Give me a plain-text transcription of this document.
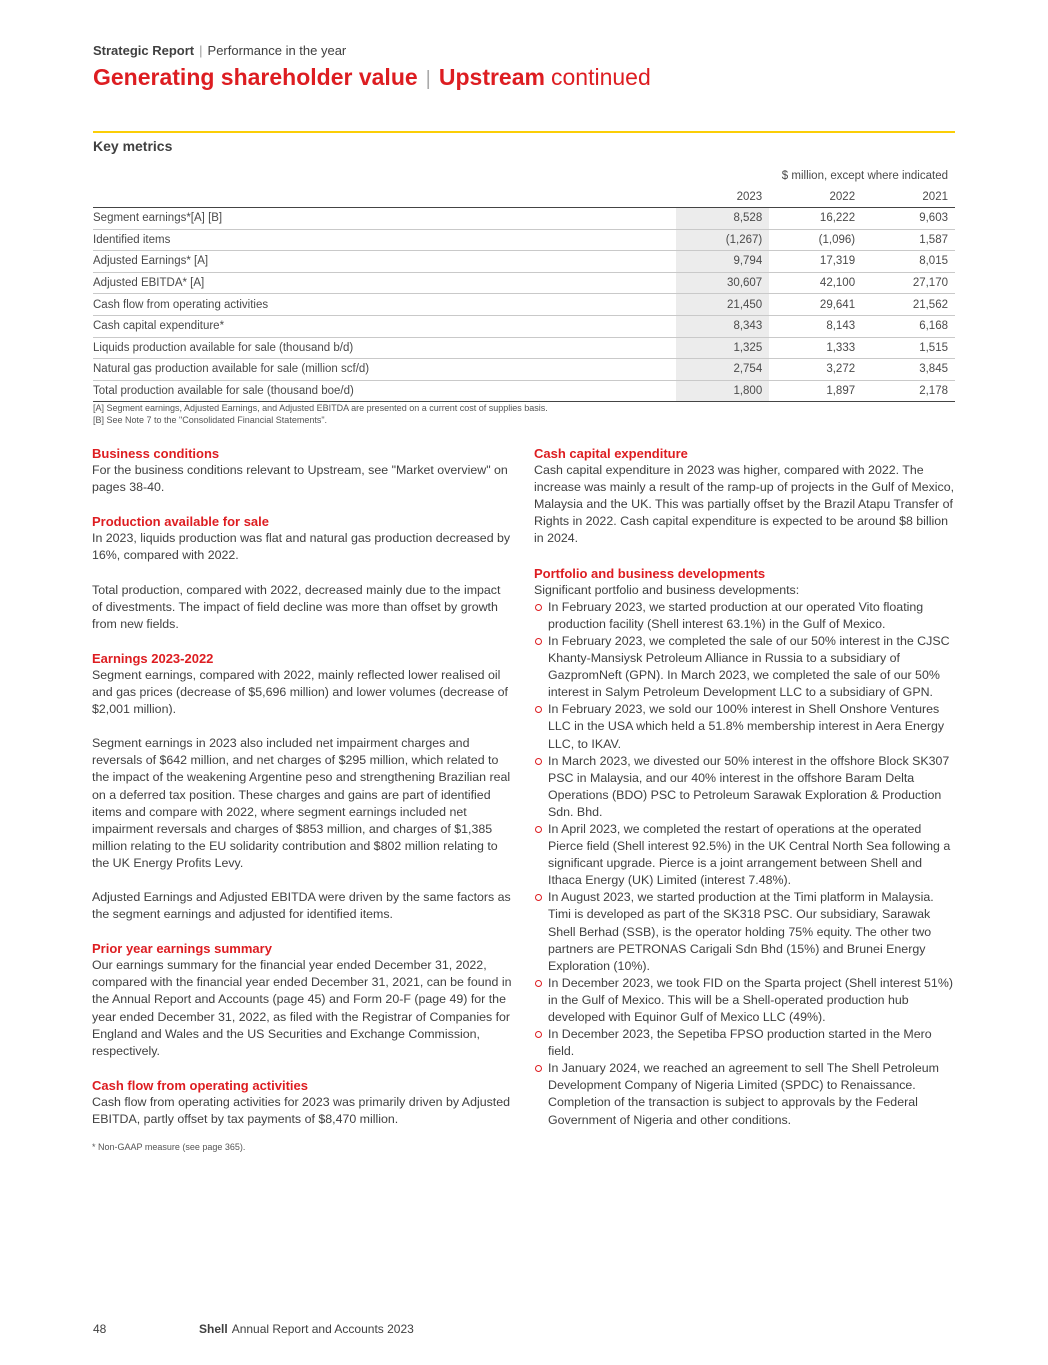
Strategic Report | Performance in the year
Generating shareholder value | Upstream continued
Key metrics
	$ million, except where indicated		
	2023	2022	2021
Segment earnings*[A] [B]	8,528	16,222	9,603
Identified items	(1,267)	(1,096)	1,587
Adjusted Earnings* [A]	9,794	17,319	8,015
Adjusted EBITDA* [A]	30,607	42,100	27,170
Cash flow from operating activities	21,450	29,641	21,562
Cash capital expenditure*	8,343	8,143	6,168
Liquids production available for sale (thousand b/d)	1,325	1,333	1,515
Natural gas production available for sale (million scf/d)	2,754	3,272	3,845
Total production available for sale (thousand boe/d)	1,800	1,897	2,178
[A] Segment earnings, Adjusted Earnings, and Adjusted EBITDA are presented on a current cost of supplies basis.
[B] See Note 7 to the "Consolidated Financial Statements".
Business conditions

For the business conditions relevant to Upstream, see "Market overview" on pages 38-40.

Production available for sale

In 2023, liquids production was flat and natural gas production decreased by 16%, compared with 2022.

Total production, compared with 2022, decreased mainly due to the impact of divestments. The impact of field decline was more than offset by growth from new fields.

Earnings 2023-2022

Segment earnings, compared with 2022, mainly reflected lower realised oil and gas prices (decrease of $5,696 million) and lower volumes (decrease of $2,001 million).

Segment earnings in 2023 also included net impairment charges and reversals of $642 million, and net charges of $295 million, which related to the impact of the weakening Argentine peso and strengthening Brazilian real on a deferred tax position. These charges and gains are part of identified items and compare with 2022, where segment earnings included net impairment reversals and charges of $853 million, and charges of $1,385 million relating to the EU solidarity contribution and $802 million relating to the UK Energy Profits Levy.

Adjusted Earnings and Adjusted EBITDA were driven by the same factors as the segment earnings and adjusted for identified items.

Prior year earnings summary

Our earnings summary for the financial year ended December 31, 2022, compared with the financial year ended December 31, 2021, can be found in the Annual Report and Accounts (page 45) and Form 20-F (page 49) for the year ended December 31, 2022, as filed with the Registrar of Companies for England and Wales and the US Securities and Exchange Commission, respectively.

Cash flow from operating activities

Cash flow from operating activities for 2023 was primarily driven by Adjusted EBITDA, partly offset by tax payments of $8,470 million.

* Non-GAAP measure (see page 365).
Cash capital expenditure

Cash capital expenditure in 2023 was higher, compared with 2022. The increase was mainly a result of the ramp-up of projects in the Gulf of Mexico, Malaysia and the UK. This was partially offset by the Brazil Atapu Transfer of Rights in 2022. Cash capital expenditure is expected to be around $8 billion in 2024.

Portfolio and business developments

Significant portfolio and business developments:

In February 2023, we started production at our operated Vito floating production facility (Shell interest 63.1%) in the Gulf of Mexico.
In February 2023, we completed the sale of our 50% interest in the CJSC Khanty-Mansiysk Petroleum Alliance in Russia to a subsidiary of GazpromNeft (GPN). In March 2023, we completed the sale of our 50% interest in Salym Petroleum Development LLC to a subsidiary of GPN.
In February 2023, we sold our 100% interest in Shell Onshore Ventures LLC in the USA which held a 51.8% membership interest in Aera Energy LLC, to IKAV.
In March 2023, we divested our 50% interest in the offshore Block SK307 PSC in Malaysia, and our 40% interest in the offshore Baram Delta Operations (BDO) PSC to Petroleum Sarawak Exploration & Production Sdn. Bhd.
In April 2023, we completed the restart of operations at the operated Pierce field (Shell interest 92.5%) in the UK Central North Sea following a significant upgrade. Pierce is a joint arrangement between Shell and Ithaca Energy (UK) Limited (interest 7.48%).
In August 2023, we started production at the Timi platform in Malaysia. Timi is developed as part of the SK318 PSC. Our subsidiary, Sarawak Shell Berhad (SSB), is the operator holding 75% equity. The other two partners are PETRONAS Carigali Sdn Bhd (15%) and Brunei Energy Exploration (10%).
In December 2023, we took FID on the Sparta project (Shell interest 51%) in the Gulf of Mexico. This will be a Shell-operated production hub developed with Equinor Gulf of Mexico LLC (49%).
In December 2023, the Sepetiba FPSO production started in the Mero field.
In January 2024, we reached an agreement to sell The Shell Petroleum Development Company of Nigeria Limited (SPDC) to Renaissance. Completion of the transaction is subject to approvals by the Federal Government of Nigeria and other conditions.
48	Shell Annual Report and Accounts 2023
